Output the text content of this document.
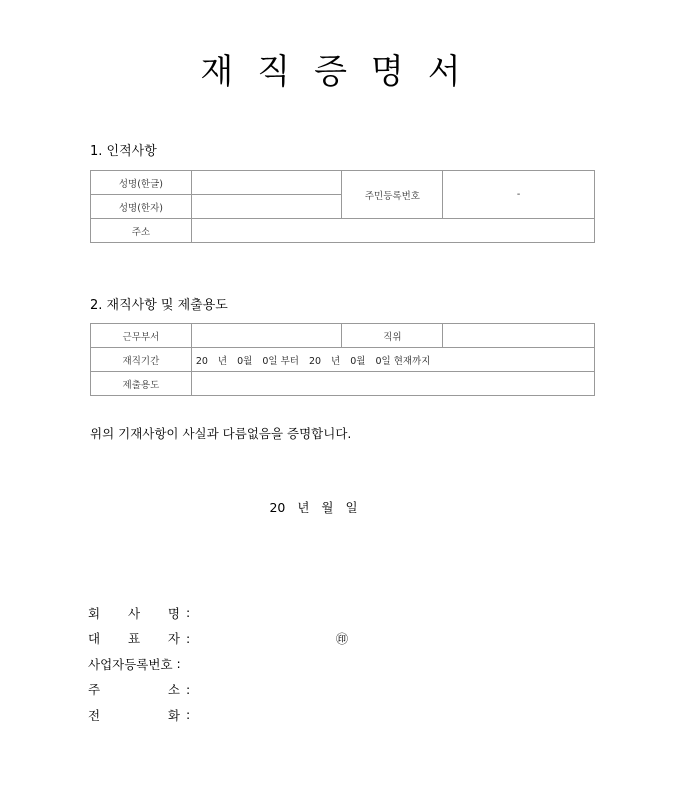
재직증명서
1. 인적사항
성명(한글)		주민등록번호	-
성명(한자)			
주소			
2. 재직사항 및 제출용도
근무부서		직위	
재직기간	20 년 0월 0일 부터 20 년 0월 0일 현재까지		
제출용도			
위의 기재사항이 사실과 다름없음을 증명합니다.
20 년 월 일
회 사 명 :
대 표 자 :	㊞
사업자등록번호 :
주	소 :
전	화 :
